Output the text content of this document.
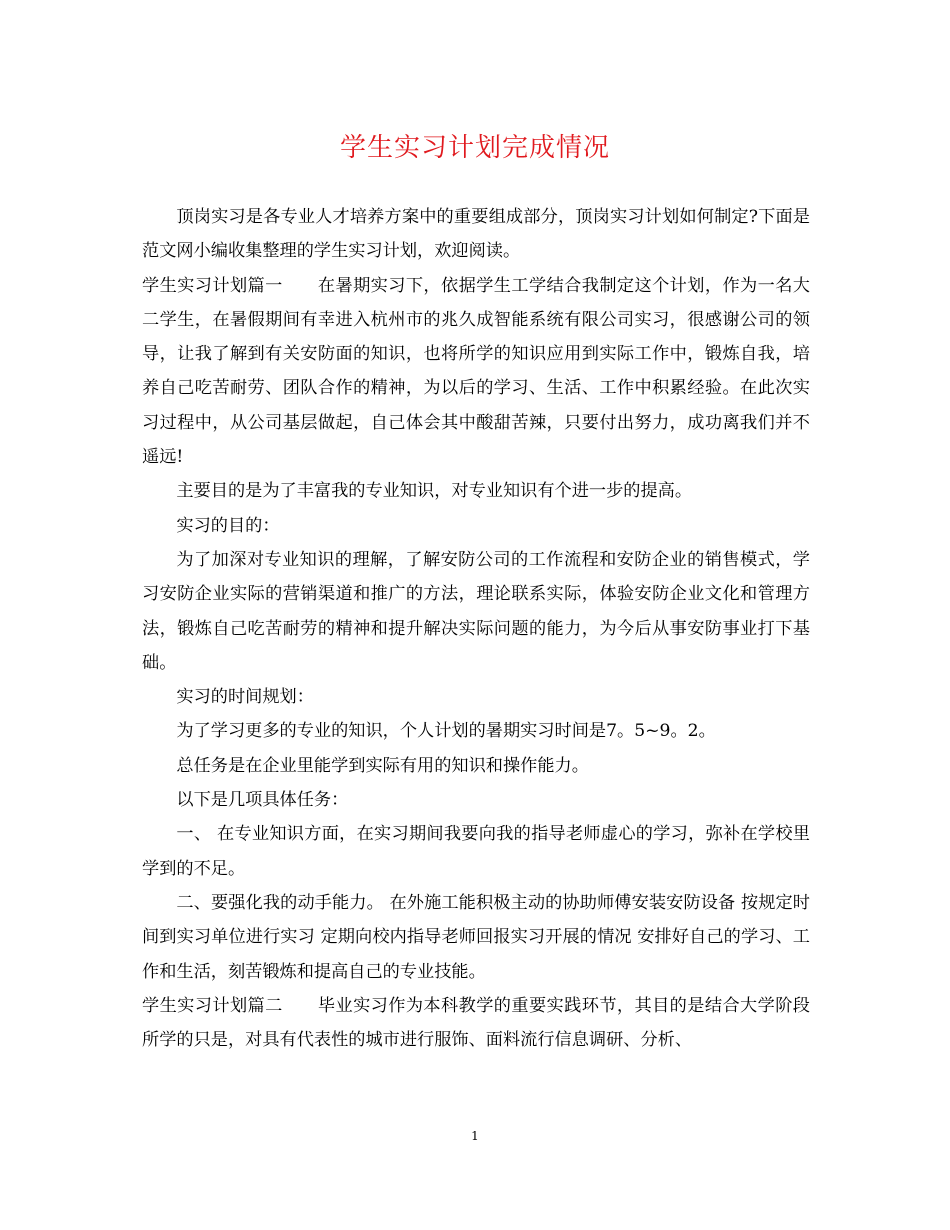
学生实习计划完成情况

顶岗实习是各专业人才培养方案中的重要组成部分，顶岗实习计划如何制定?下面是范文网小编收集整理的学生实习计划，欢迎阅读。

学生实习计划篇一　　在暑期实习下，依据学生工学结合我制定这个计划，作为一名大二学生，在暑假期间有幸进入杭州市的兆久成智能系统有限公司实习，很感谢公司的领导，让我了解到有关安防面的知识，也将所学的知识应用到实际工作中，锻炼自我，培养自己吃苦耐劳、团队合作的精神，为以后的学习、生活、工作中积累经验。在此次实习过程中，从公司基层做起，自己体会其中酸甜苦辣，只要付出努力，成功离我们并不遥远!

主要目的是为了丰富我的专业知识，对专业知识有个进一步的提高。

实习的目的：

为了加深对专业知识的理解，了解安防公司的工作流程和安防企业的销售模式，学习安防企业实际的营销渠道和推广的方法，理论联系实际，体验安防企业文化和管理方法，锻炼自己吃苦耐劳的精神和提升解决实际问题的能力，为今后从事安防事业打下基础。

实习的时间规划：

为了学习更多的专业的知识，个人计划的暑期实习时间是7。5~9。2。

总任务是在企业里能学到实际有用的知识和操作能力。

以下是几项具体任务：

一、 在专业知识方面，在实习期间我要向我的指导老师虚心的学习，弥补在学校里学到的不足。

二、要强化我的动手能力。 在外施工能积极主动的协助师傅安装安防设备 按规定时间到实习单位进行实习 定期向校内指导老师回报实习开展的情况 安排好自己的学习、工作和生活，刻苦锻炼和提高自己的专业技能。

学生实习计划篇二　　毕业实习作为本科教学的重要实践环节，其目的是结合大学阶段所学的只是，对具有代表性的城市进行服饰、面料流行信息调研、分析、

1
